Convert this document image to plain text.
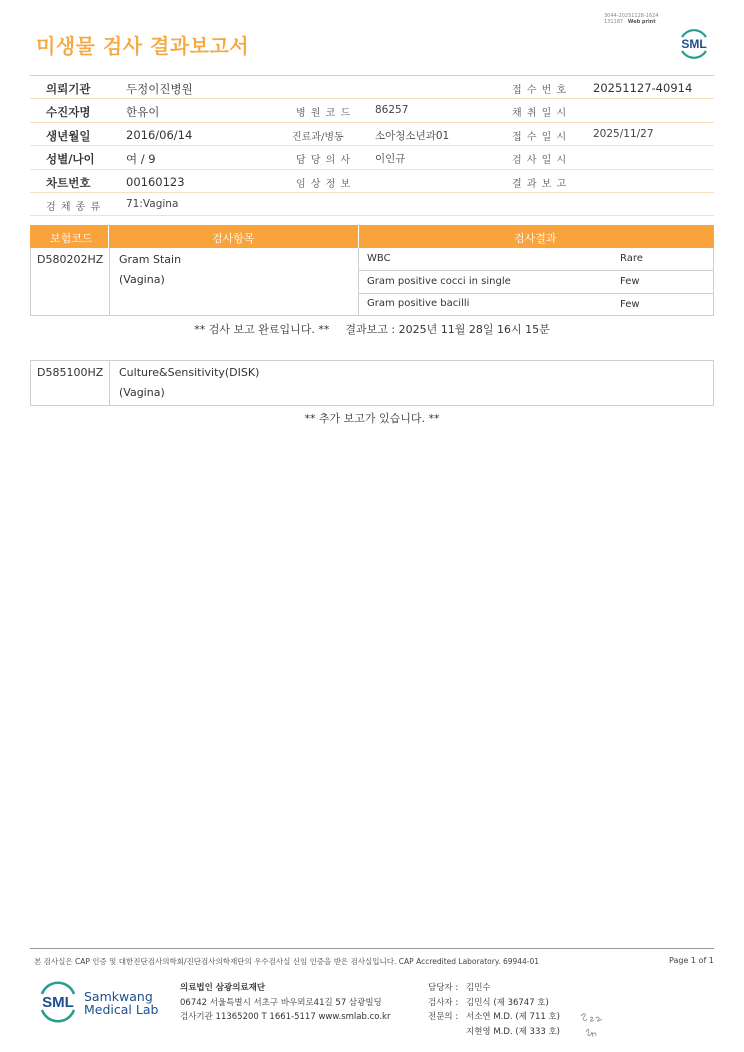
미생물 검사 결과보고서
3044-20251128-1624
131187 Web print
SML
의뢰기관	두정이진병원	접 수 번 호 20251127-40914
수진자명	한유이	병 원 코 드 86257	채 취 일 시
생년월일	2016/06/14	진료과/병동	소아청소년과01	접 수 일 시 2025/11/27
성별/나이	여 / 9	담 당 의 사 이인규	검 사 일 시
차트번호	00160123	임 상 정 보	결 과 보 고
검 체 종 류 71:Vagina
보험코드	검사항목	검사결과
D580202HZ Gram Stain
(Vagina)
WBC	Rare
Gram positive cocci in single	Few
Gram positive bacilli	Few
** 검사 보고 완료입니다. ** 결과보고 : 2025년 11월 28일 16시 15분
D585100HZ Culture&Sensitivity(DISK)
(Vagina)
** 추가 보고가 있습니다. **
본 검사실은 CAP 인증 및 대한진단검사의학회/진단검사의학재단의 우수검사실 신임 인증을 받은 검사실입니다. CAP Accredited Laboratory. 69944-01	Page 1 of 1
SML Samkwang
Medical Lab
의료법인 삼광의료재단
06742 서울특별시 서초구 바우뫼로41길 57 삼광빌딩
검사기관 11365200 T 1661-5117 www.smlab.co.kr
담당자 : 김민수
검사자 : 김민식 (제 36747 호)
전문의 : 서소연 M.D. (제 711 호)
지현영 M.D. (제 333 호)
